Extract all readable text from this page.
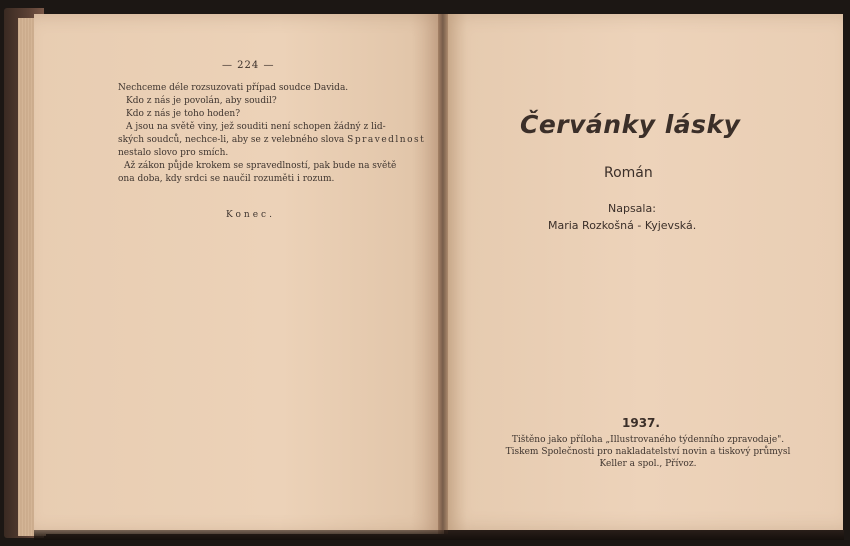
— 224 —

Nechceme déle rozsuzovati případ soudce Davida.

Kdo z nás je povolán, aby soudil?

Kdo z nás je toho hoden?

A jsou na světě viny, jež souditi není schopen žádný z lid-

ských soudců, nechce-li, aby se z velebného slova Spravedlnost

nestalo slovo pro smích.

Až zákon půjde krokem se spravedlností, pak bude na světě

ona doba, kdy srdci se naučil rozuměti i rozum.

Konec.
Červánky lásky
Román
Napsala:
Maria Rozkošná - Kyjevská.
1937.

Tištěno jako příloha „Illustrovaného týdenního zpravodaje".

Tiskem Společnosti pro nakladatelství novin a tiskový průmysl

Keller a spol., Přívoz.
